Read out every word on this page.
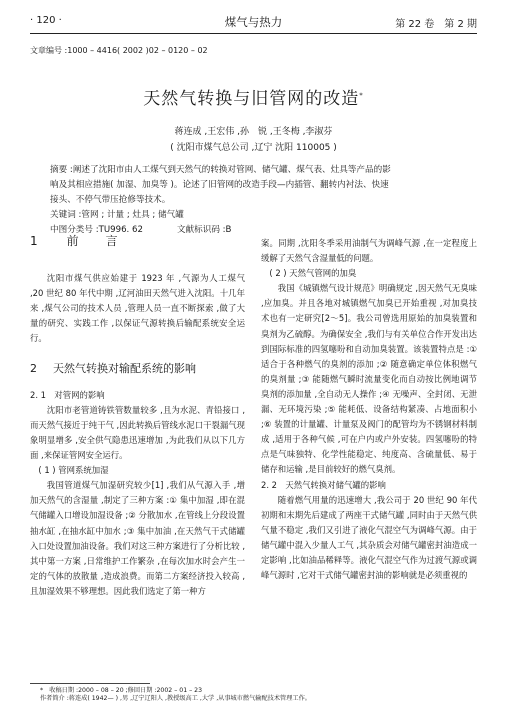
· 120 ·	煤气与热力	第 22 卷　第 2 期
文章编号 :1000 – 4416( 2002 )02 – 0120 – 02
天然气转换与旧管网的改造*
蒋连成 ,王宏伟 ,孙　锐 ,王冬梅 ,李淑芬
( 沈阳市煤气总公司 ,辽宁 沈阳 110005 )

摘要 :阐述了沈阳市由人工煤气到天然气的转换对管网、储气罐、煤气表、灶具等产品的影

响及其相应措施( 加湿、加臭等 )。论述了旧管网的改造手段—内插管、翻转内衬法、快速

接头、不停气带压抢修等技术。

关键词 :管网 ; 计量 ; 灶具 ; 储气罐

中图分类号 :TU996. 62	文献标识码 :B

1 前　　言

沈阳市煤气供应始建于 1923 年 ,气源为人工煤气 ,20 世纪 80 年代中期 ,辽河油田天然气进入沈阳。十几年来 ,煤气公司的技术人员 ,管理人员一直不断探索 ,做了大量的研究、实践工作 ,以保证气源转换后输配系统安全运行。

2 天然气转换对输配系统的影响

2. 1　对管网的影响

沈阳市老管道铸铁管数量较多 ,且为水泥、青铅接口 ,而天然气接近于纯干气 ,因此转换后管线水泥口干裂漏气现象明显增多 ,安全供气隐患迅速增加 ,为此我们从以下几方面 ,来保证管网安全运行。

( 1 ) 管网系统加湿

我国管道煤气加湿研究较少[1] ,我们从气源入手 ,增加天然气的含湿量 ,制定了三种方案 :① 集中加湿 ,即在混气储罐入口增设加湿设备 ;② 分散加水 ,在管线上分段设置抽水缸 ,在抽水缸中加水 ;③ 集中加油 ,在天然气干式储罐入口处设置加油设备。我们对这三种方案进行了分析比较 ,其中第一方案 ,日常维护工作繁杂 ,在每次加水时会产生一定的气体的放散量 ,造成浪费。而第二方案经济投入较高 ,且加湿效果不够理想。因此我们选定了第一种方

案。同期 ,沈阳冬季采用油制气为调峰气源 ,在一定程度上缓解了天然气含湿量低的问题。

( 2 ) 天然气管网的加臭

我国《城镇燃气设计规范》明确规定 ,因天然气无臭味 ,应加臭。并且各地对城镇燃气加臭已开始重视 ,对加臭技术也有一定研究[2～5]。我公司曾选用原始的加臭装置和臭剂为乙硫醇。为确保安全 ,我们与有关单位合作开发出达到国际标准的四氢噻吩和自动加臭装置。该装置特点是 :① 适合于各种燃气的臭剂的添加 ;② 随意确定单位体积燃气的臭剂量 ;③ 能随燃气瞬时流量变化而自动按比例地调节臭剂的添加量 ,全自动无人操作 ;④ 无噪声、全封闭、无泄漏、无环境污染 ;⑤ 能耗低、设备结构紧凑、占地面积小 ;⑥ 装置的计量罐、计量泵及阀门的配管均为不锈钢材料制成 ,适用于各种气候 ,可在户内或户外安装。四氢噻吩的特点是气味独特、化学性能稳定、纯度高、含硫量低、易于储存和运输 ,是目前较好的燃气臭剂。

2. 2　天然气转换对储气罐的影响

随着燃气用量的迅速增大 ,我公司于 20 世纪 90 年代初期和末期先后建成了两座干式储气罐 ,同时由于天然气供气量不稳定 ,我们又引进了液化气混空气为调峰气源。由于储气罐中混入少量人工气 ,其杂质会对储气罐密封油造成一定影响 ,比如油品稀释等。液化气混空气作为过渡气源或调峰气源时 ,它对干式储气罐密封油的影响就是必须重视的

*　收稿日期 :2000 – 08 – 20 ;修回日期 :2002 – 01 – 23

作者简介 :蒋连成( 1942— ) ,男 ,辽宁辽阳人 ,教授级高工 ,大学 ,从事城市燃气输配技术管理工作。
